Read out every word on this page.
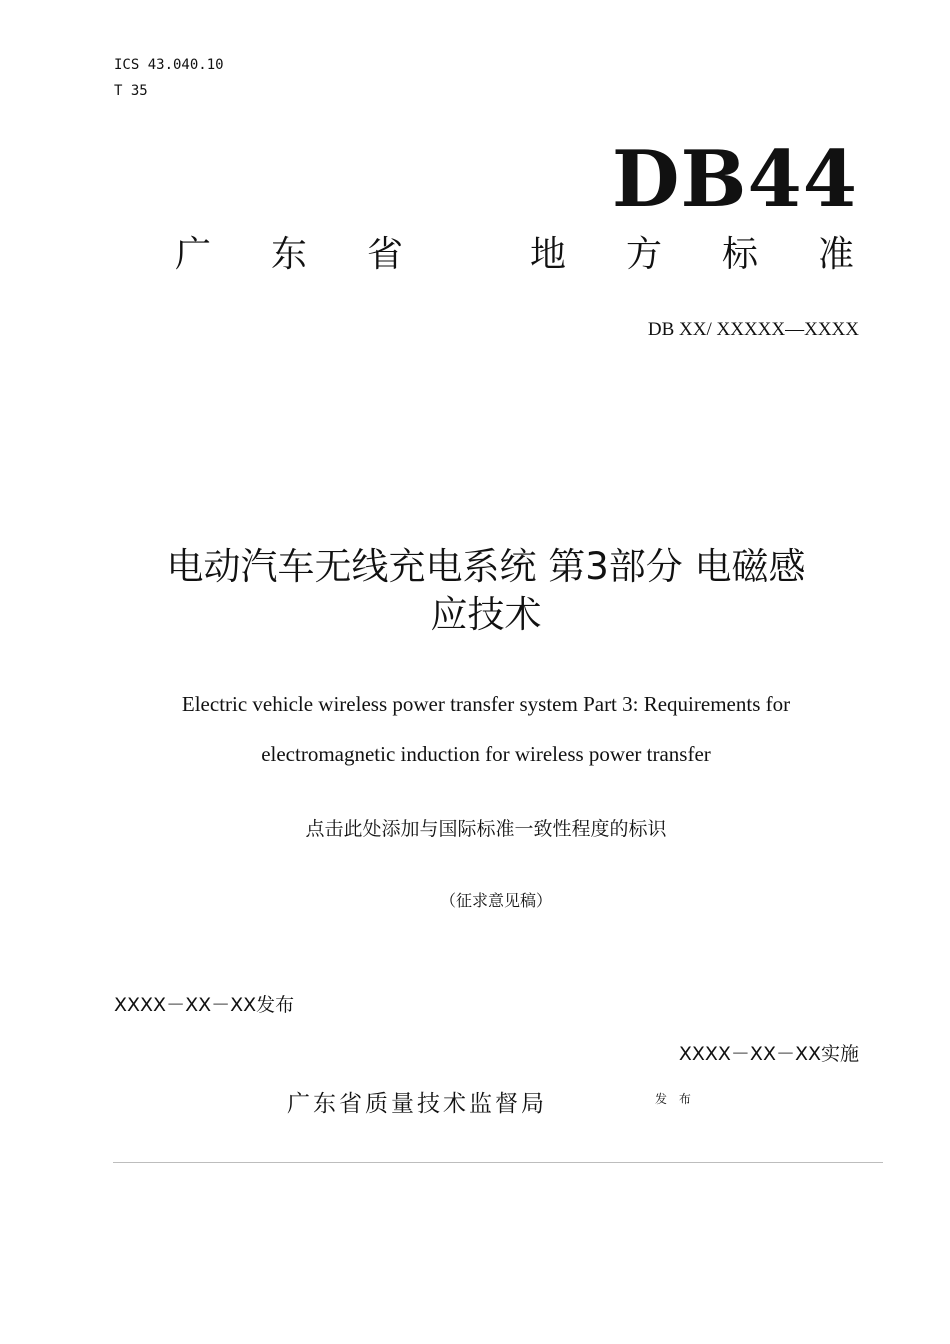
ICS 43.040.10
T 35
DB44
广 东 省	地 方 标 准
DB XX/ XXXXX—XXXX
电动汽车无线充电系统 第3部分 电磁感
应技术
Electric vehicle wireless power transfer system Part 3: Requirements for
electromagnetic induction for wireless power transfer
点击此处添加与国际标准一致性程度的标识
（征求意见稿）
XXXX－XX－XX发布
XXXX－XX－XX实施
广东省质量技术监督局	发 布
